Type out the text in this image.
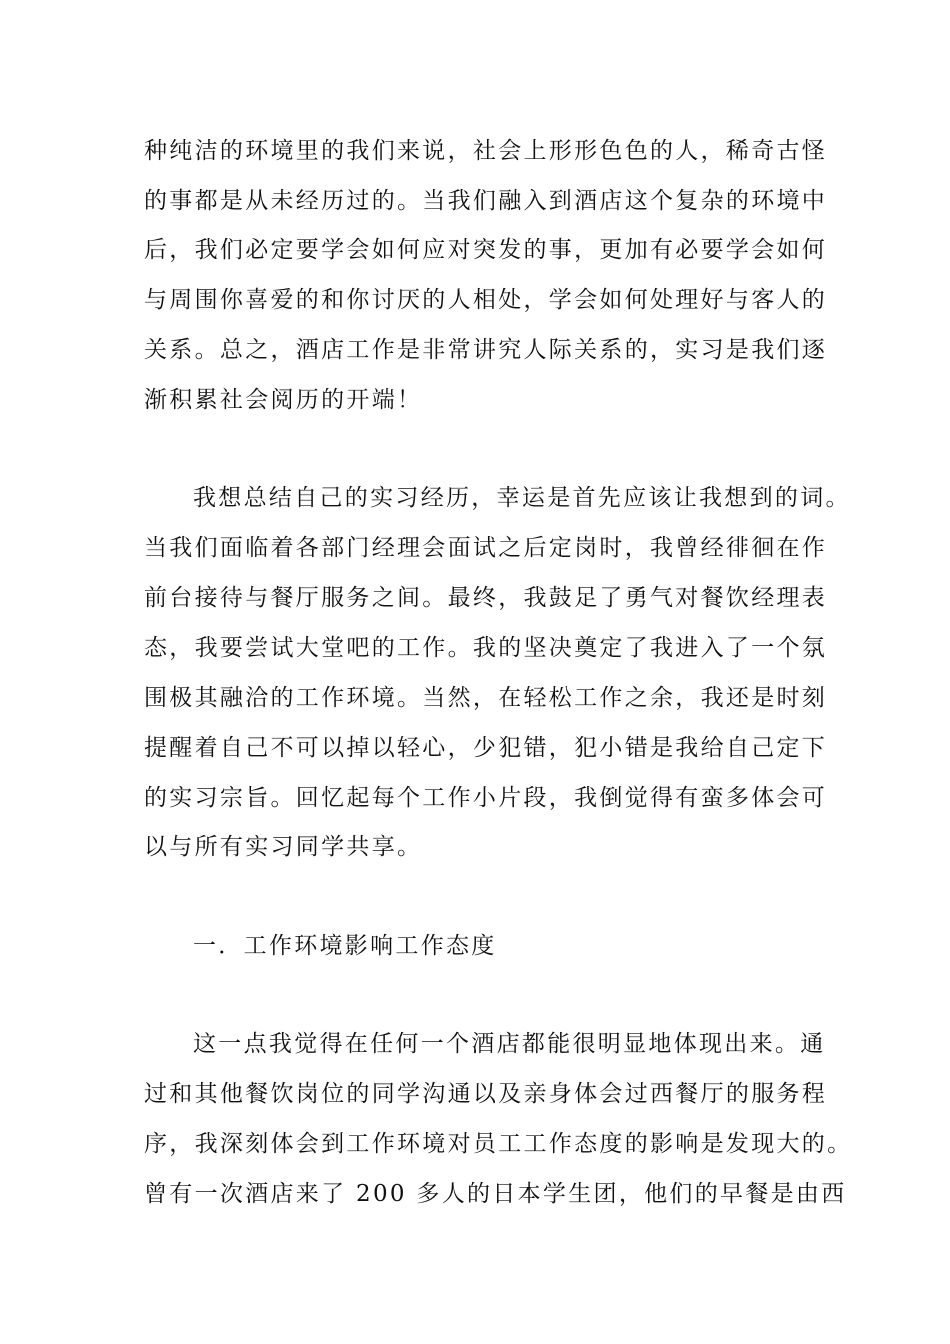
种纯洁的环境里的我们来说，社会上形形色色的人，稀奇古怪
的事都是从未经历过的。当我们融入到酒店这个复杂的环境中
后，我们必定要学会如何应对突发的事，更加有必要学会如何
与周围你喜爱的和你讨厌的人相处，学会如何处理好与客人的
关系。总之，酒店工作是非常讲究人际关系的，实习是我们逐
渐积累社会阅历的开端！
我想总结自己的实习经历，幸运是首先应该让我想到的词。
当我们面临着各部门经理会面试之后定岗时，我曾经徘徊在作
前台接待与餐厅服务之间。最终，我鼓足了勇气对餐饮经理表
态，我要尝试大堂吧的工作。我的坚决奠定了我进入了一个氛
围极其融洽的工作环境。当然，在轻松工作之余，我还是时刻
提醒着自己不可以掉以轻心，少犯错，犯小错是我给自己定下
的实习宗旨。回忆起每个工作小片段，我倒觉得有蛮多体会可
以与所有实习同学共享。
一．工作环境影响工作态度
这一点我觉得在任何一个酒店都能很明显地体现出来。通
过和其他餐饮岗位的同学沟通以及亲身体会过西餐厅的服务程
序，我深刻体会到工作环境对员工工作态度的影响是发现大的。
曾有一次酒店来了 200 多人的日本学生团，他们的早餐是由西
